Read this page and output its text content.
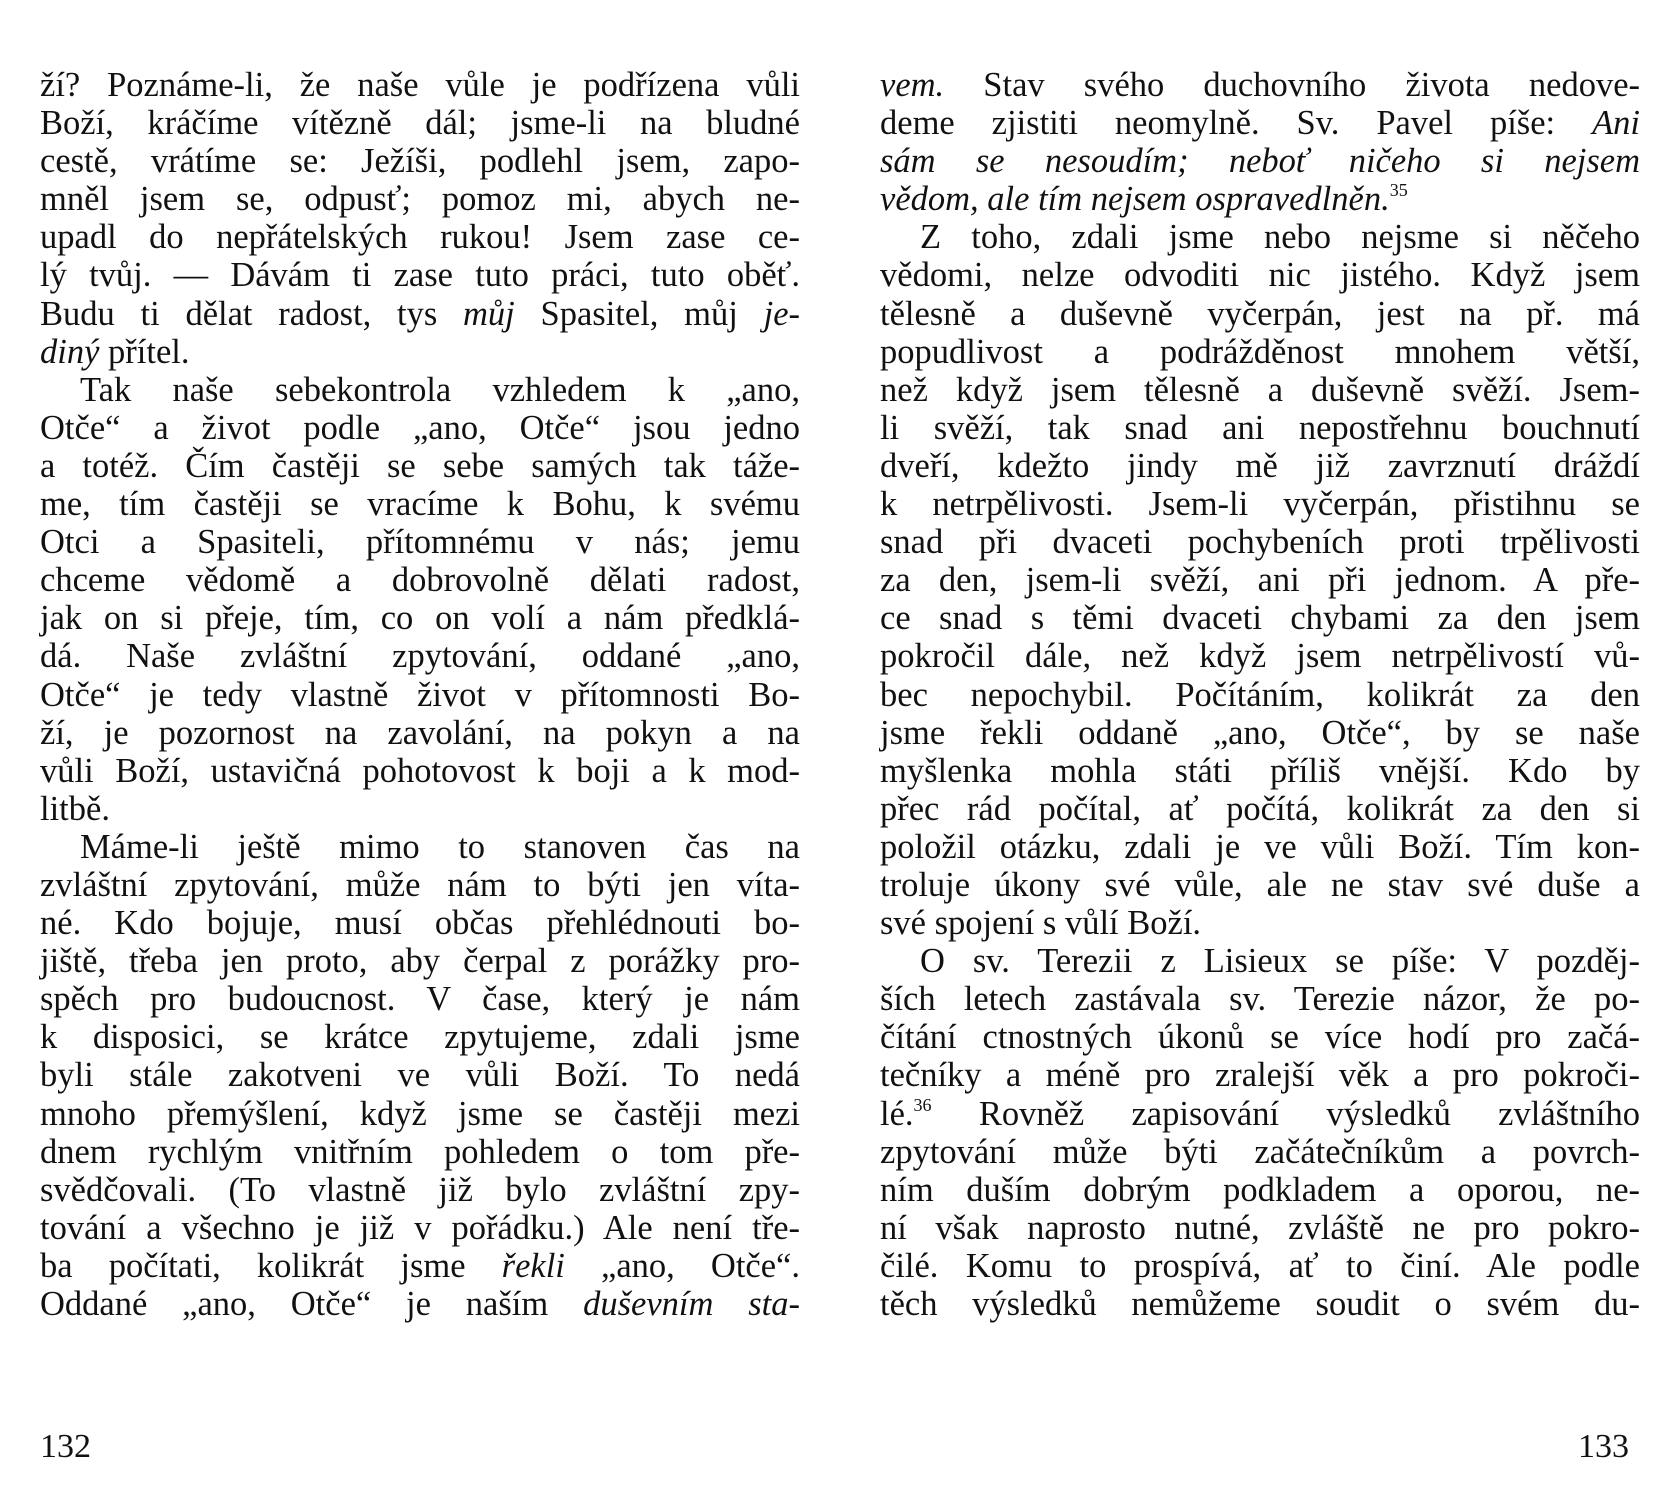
ží? Poznáme-li, že naše vůle je podřízena vůli
Boží, kráčíme vítězně dál; jsme-li na bludné
cestě, vrátíme se: Ježíši, podlehl jsem, zapo-
mněl jsem se, odpusť; pomoz mi, abych ne-
upadl do nepřátelských rukou! Jsem zase ce-
lý tvůj. — Dávám ti zase tuto práci, tuto oběť.
Budu ti dělat radost, tys můj Spasitel, můj je-
diný přítel.
Tak naše sebekontrola vzhledem k „ano,
Otče“ a život podle „ano, Otče“ jsou jedno
a totéž. Čím častěji se sebe samých tak táže-
me, tím častěji se vracíme k Bohu, k svému
Otci a Spasiteli, přítomnému v nás; jemu
chceme vědomě a dobrovolně dělati radost,
jak on si přeje, tím, co on volí a nám předklá-
dá. Naše zvláštní zpytování, oddané „ano,
Otče“ je tedy vlastně život v přítomnosti Bo-
ží, je pozornost na zavolání, na pokyn a na
vůli Boží, ustavičná pohotovost k boji a k mod-
litbě.
Máme-li ještě mimo to stanoven čas na
zvláštní zpytování, může nám to býti jen víta-
né. Kdo bojuje, musí občas přehlédnouti bo-
jiště, třeba jen proto, aby čerpal z porážky pro-
spěch pro budoucnost. V čase, který je nám
k disposici, se krátce zpytujeme, zdali jsme
byli stále zakotveni ve vůli Boží. To nedá
mnoho přemýšlení, když jsme se častěji mezi
dnem rychlým vnitřním pohledem o tom pře-
svědčovali. (To vlastně již bylo zvláštní zpy-
tování a všechno je již v pořádku.) Ale není tře-
ba počítati, kolikrát jsme řekli „ano, Otče“.
Oddané „ano, Otče“ je naším duševním sta-
132
vem. Stav svého duchovního života nedove-
deme zjistiti neomylně. Sv. Pavel píše: Ani
sám se nesoudím; neboť ničeho si nejsem
vědom, ale tím nejsem ospravedlněn.$^{35}$
Z toho, zdali jsme nebo nejsme si něčeho
vědomi, nelze odvoditi nic jistého. Když jsem
tělesně a duševně vyčerpán, jest na př. má
popudlivost a podrážděnost mnohem větší,
než když jsem tělesně a duševně svěží. Jsem-
li svěží, tak snad ani nepostřehnu bouchnutí
dveří, kdežto jindy mě již zavrznutí dráždí
k netrpělivosti. Jsem-li vyčerpán, přistihnu se
snad při dvaceti pochybeních proti trpělivosti
za den, jsem-li svěží, ani při jednom. A pře-
ce snad s těmi dvaceti chybami za den jsem
pokročil dále, než když jsem netrpělivostí vů-
bec nepochybil. Počítáním, kolikrát za den
jsme řekli oddaně „ano, Otče“, by se naše
myšlenka mohla státi příliš vnější. Kdo by
přec rád počítal, ať počítá, kolikrát za den si
položil otázku, zdali je ve vůli Boží. Tím kon-
troluje úkony své vůle, ale ne stav své duše a
své spojení s vůlí Boží.
O sv. Terezii z Lisieux se píše: V pozděj-
ších letech zastávala sv. Terezie názor, že po-
čítání ctnostných úkonů se více hodí pro začá-
tečníky a méně pro zralejší věk a pro pokroči-
lé.$^{36}$ Rovněž zapisování výsledků zvláštního
zpytování může býti začátečníkům a povrch-
ním duším dobrým podkladem a oporou, ne-
ní však naprosto nutné, zvláště ne pro pokro-
čilé. Komu to prospívá, ať to činí. Ale podle
těch výsledků nemůžeme soudit o svém du-
133
